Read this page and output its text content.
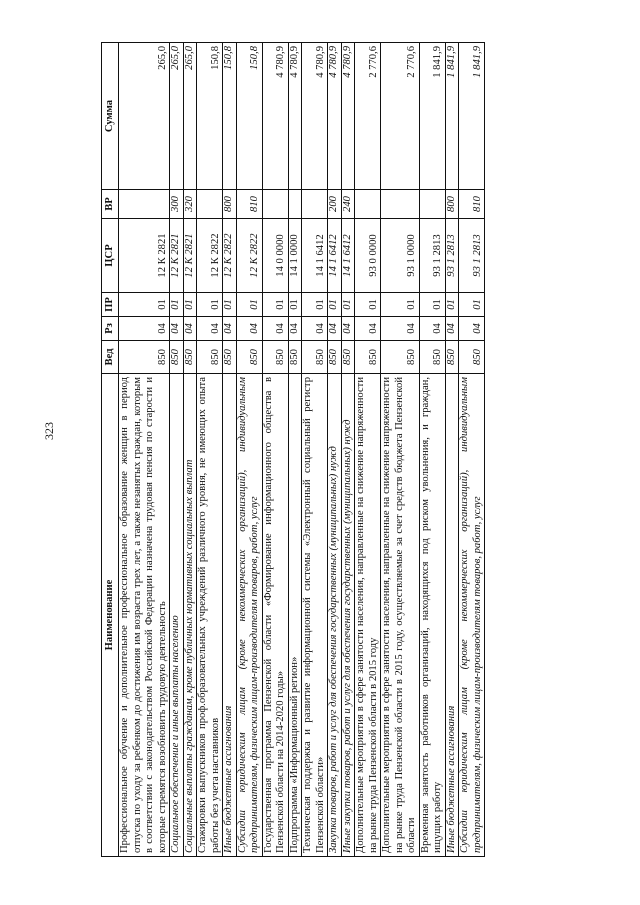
323
Наименование	Вед	Рз	ПР	ЦСР	ВР	Сумма
Профессиональное обучение и дополнительное профессиональное образование женщин в период отпуска по уходу за ребенком до достижения им возраста трех лет, а также незанятых граждан, которым в соответствии с законодательством Российской Федерации назначена трудовая пенсия по старости и которые стремятся возобновить трудовую деятельность	850	04	01	12 К 2821		265,0
Социальное обеспечение и иные выплаты населению	850	04	01	12 К 2821	300	265,0
Социальные выплаты гражданам, кроме публичных нормативных социальных выплат	850	04	01	12 К 2821	320	265,0
Стажировки выпускников проф.образовательных учреждений различного уровня, не имеющих опыта работы без учета наставников	850	04	01	12 К 2822		150,8
Иные бюджетные ассигнования	850	04	01	12 К 2822	800	150,8
Субсидии юридическим лицам (кроме некоммерческих организаций), индивидуальным предпринимателям, физическим лицам-производителям товаров, работ, услуг	850	04	01	12 К 2822	810	150,8
Государственная программа Пензенской области «Формирование информационного общества в Пензенской области на 2014-2020 годы»	850	04	01	14 0 0000		4 780,9
Подпрограмма «Информационный регион»	850	04	01	14 1 0000		4 780,9
Техническая поддержка и развитие информационной системы «Электронный социальный регистр Пензенской области»	850	04	01	14 1 6412		4 780,9
Закупка товаров, работ и услуг для обеспечения государственных (муниципальных) нужд	850	04	01	14 1 6412	200	4 780,9
Иные закупки товаров, работ и услуг для обеспечения государственных (муниципальных) нужд	850	04	01	14 1 6412	240	4 780,9
Дополнительные мероприятия в сфере занятости населения, направленные на снижение напряженности на рынке труда Пензенской области в 2015 году	850	04	01	93 0 0000		2 770,6
Дополнительные мероприятия в сфере занятости населения, направленные на снижение напряженности на рынке труда Пензенской области в 2015 году, осуществляемые за счет средств бюджета Пензенской области	850	04	01	93 1 0000		2 770,6
Временная занятость работников организаций, находящихся под риском увольнения, и граждан, ищущих работу	850	04	01	93 1 2813		1 841,9
Иные бюджетные ассигнования	850	04	01	93 1 2813	800	1 841,9
Субсидии юридическим лицам (кроме некоммерческих организаций), индивидуальным предпринимателям, физическим лицам-производителям товаров, работ, услуг	850	04	01	93 1 2813	810	1 841,9
